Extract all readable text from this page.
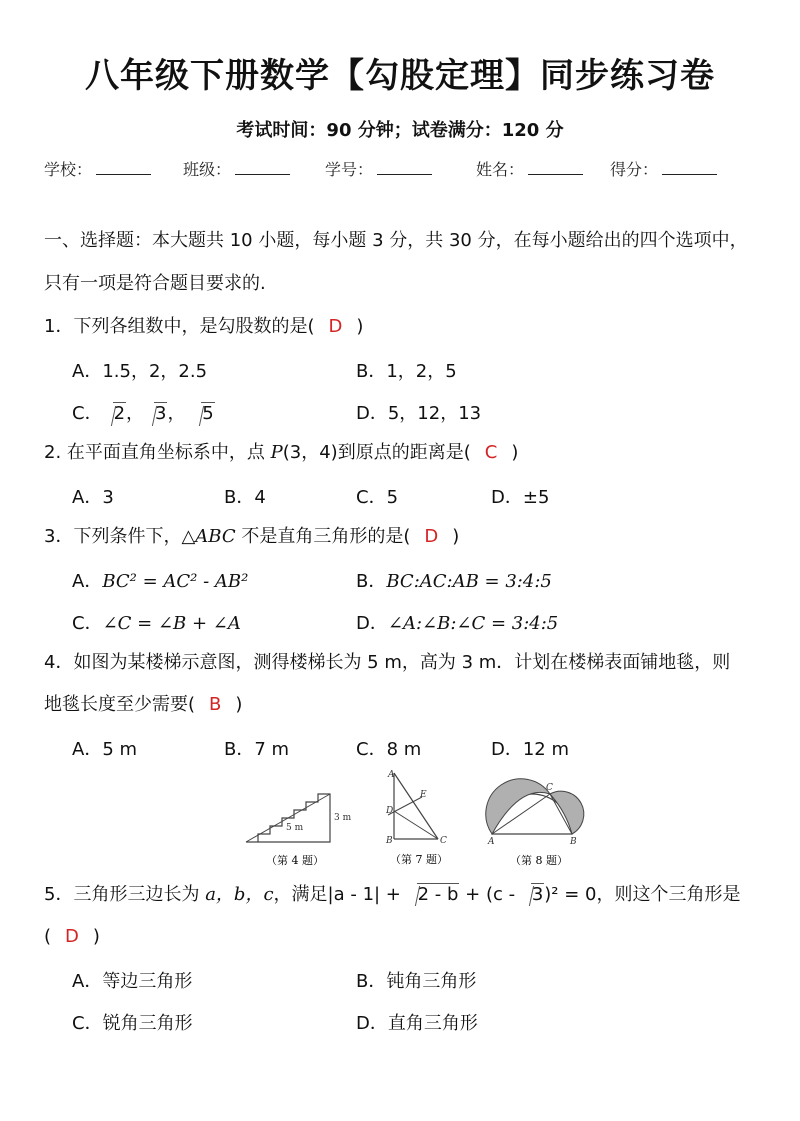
八年级下册数学【勾股定理】同步练习卷
考试时间：90 分钟；试卷满分：120 分
学校：	班级：	学号：	姓名：	得分：
一、选择题：本大题共 10 小题，每小题 3 分，共 30 分，在每小题给出的四个选项中，
只有一项是符合题目要求的.
1．下列各组数中，是勾股数的是( D )
A．1.5，2，2.5	B．1，2，5
C． 2， 3， 5	D．5，12，13
2. 在平面直角坐标系中，点 P(3，4)到原点的距离是( C )
A．3	B．4	C．5	D．±5
3．下列条件下，△ABC 不是直角三角形的是( D )
A．BC² = AC² - AB²	B．BC:AC:AB = 3:4:5
C．∠C = ∠B + ∠A	D．∠A:∠B:∠C = 3:4:5
4．如图为某楼梯示意图，测得楼梯长为 5 m，高为 3 m．计划在楼梯表面铺地毯，则
地毯长度至少需要( B )
A．5 m	B．7 m	C．8 m	D．12 m
5 m
3 m
（第 4 题）
A
E
D
B	C
（第 7 题）
C
A	B
（第 8 题）
5．三角形三边长为 a，b，c，满足|a - 1| + 2 - b + (c - 3)² = 0，则这个三角形是
( D )
A．等边三角形	B．钝角三角形
C．锐角三角形	D．直角三角形
